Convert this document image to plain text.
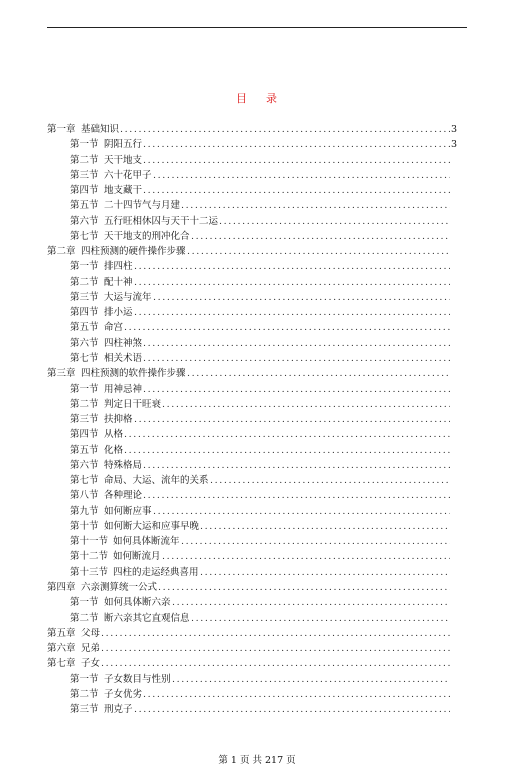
目 录
第一章 基础知识 .....	3
第一节 阴阳五行 .....	3
第二节 天干地支
.....
第三节 六十花甲子
.....
第四节 地支藏干
.....
第五节 二十四节气与月建
.....
第六节 五行旺相休囚与天干十二运
.....
第七节 天干地支的刑冲化合
.....
第二章 四柱预测的硬件操作步骤
.....
第一节 排四柱
.....
第二节 配十神
.....
第三节 大运与流年
.....
第四节 排小运
.....
第五节 命宫
.....
第六节 四柱神煞
.....
第七节 相关术语
.....
第三章 四柱预测的软件操作步骤
.....
第一节 用神忌神
.....
第二节 判定日干旺衰
.....
第三节 扶抑格
.....
第四节 从格
.....
第五节 化格
.....
第六节 特殊格局
.....
第七节 命局、大运、流年的关系
.....
第八节 各种理论
.....
第九节 如何断应事
.....
第十节 如何断大运和应事早晚
.....
第十一节 如何具体断流年
.....
第十二节 如何断流月
.....
第十三节 四柱的走运经典喜用
.....
第四章 六亲测算统一公式
.....
第一节 如何具体断六亲
.....
第二节 断六亲其它直观信息
.....
第五章 父母
.....
第六章 兄弟
.....
第七章 子女
.....
第一节 子女数目与性别
.....
第二节 子女优劣
.....
第三节 刑克子
.....
第 1 页 共 217 页
